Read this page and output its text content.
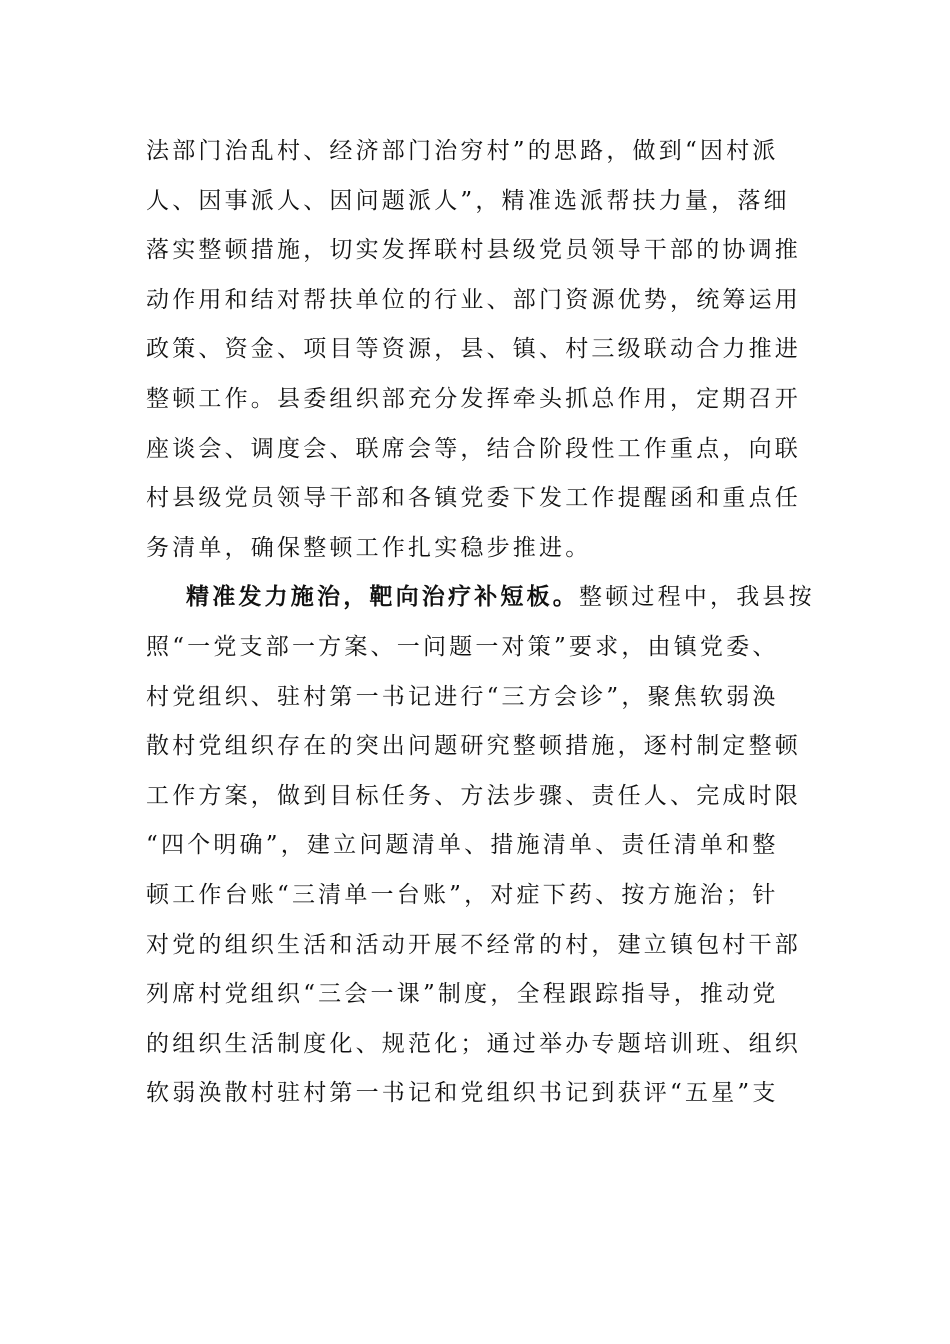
法部门治乱村、经济部门治穷村”的思路，做到“因村派
人、因事派人、因问题派人”，精准选派帮扶力量，落细
落实整顿措施，切实发挥联村县级党员领导干部的协调推
动作用和结对帮扶单位的行业、部门资源优势，统筹运用
政策、资金、项目等资源，县、镇、村三级联动合力推进
整顿工作。县委组织部充分发挥牵头抓总作用，定期召开
座谈会、调度会、联席会等，结合阶段性工作重点，向联
村县级党员领导干部和各镇党委下发工作提醒函和重点任
务清单，确保整顿工作扎实稳步推进。
精准发力施治，靶向治疗补短板。整顿过程中，我县按
照“一党支部一方案、一问题一对策”要求，由镇党委、
村党组织、驻村第一书记进行“三方会诊”，聚焦软弱涣
散村党组织存在的突出问题研究整顿措施，逐村制定整顿
工作方案，做到目标任务、方法步骤、责任人、完成时限
“四个明确”，建立问题清单、措施清单、责任清单和整
顿工作台账“三清单一台账”，对症下药、按方施治；针
对党的组织生活和活动开展不经常的村，建立镇包村干部
列席村党组织“三会一课”制度，全程跟踪指导，推动党
的组织生活制度化、规范化；通过举办专题培训班、组织
软弱涣散村驻村第一书记和党组织书记到获评“五星”支
